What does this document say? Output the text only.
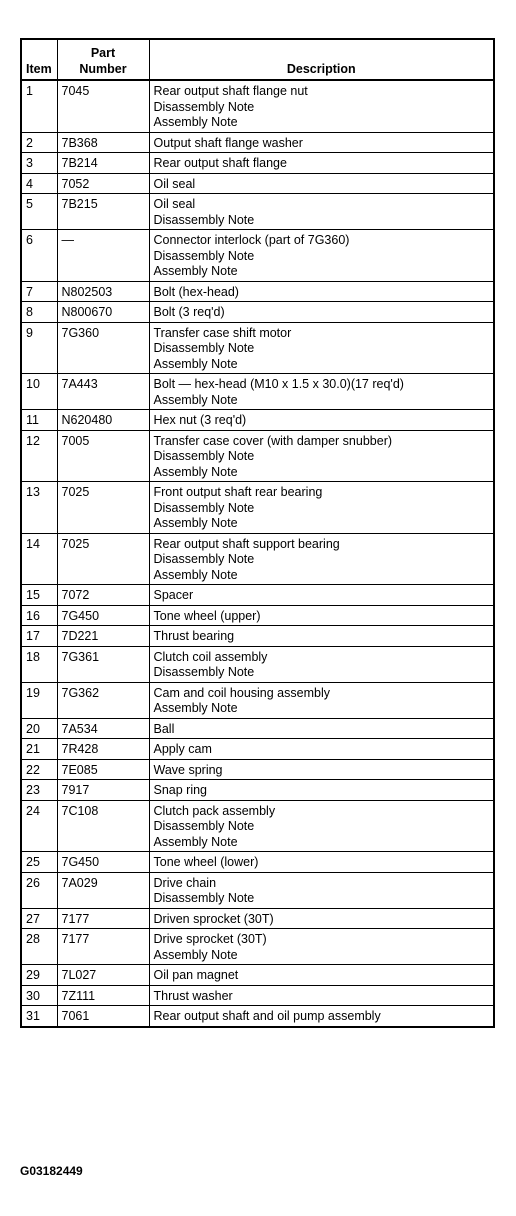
Item	Part
Number	Description
1	7045	Rear output shaft flange nut
Disassembly Note
Assembly Note

2	7B368	Output shaft flange washer

3	7B214	Rear output shaft flange

4	7052	Oil seal

5	7B215	Oil seal
Disassembly Note

6	—	Connector interlock (part of 7G360)
Disassembly Note
Assembly Note

7	N802503	Bolt (hex-head)

8	N800670	Bolt (3 req'd)

9	7G360	Transfer case shift motor
Disassembly Note
Assembly Note

10	7A443	Bolt — hex-head (M10 x 1.5 x 30.0)(17 req'd)
Assembly Note

11	N620480	Hex nut (3 req'd)

12	7005	Transfer case cover (with damper snubber)
Disassembly Note
Assembly Note

13	7025	Front output shaft rear bearing
Disassembly Note
Assembly Note

14	7025	Rear output shaft support bearing
Disassembly Note
Assembly Note

15	7072	Spacer

16	7G450	Tone wheel (upper)

17	7D221	Thrust bearing

18	7G361	Clutch coil assembly
Disassembly Note

19	7G362	Cam and coil housing assembly
Assembly Note

20	7A534	Ball

21	7R428	Apply cam

22	7E085	Wave spring

23	7917	Snap ring

24	7C108	Clutch pack assembly
Disassembly Note
Assembly Note

25	7G450	Tone wheel (lower)

26	7A029	Drive chain
Disassembly Note

27	7177	Driven sprocket (30T)

28	7177	Drive sprocket (30T)
Assembly Note

29	7L027	Oil pan magnet

30	7Z111	Thrust washer

31	7061	Rear output shaft and oil pump assembly
G03182449
